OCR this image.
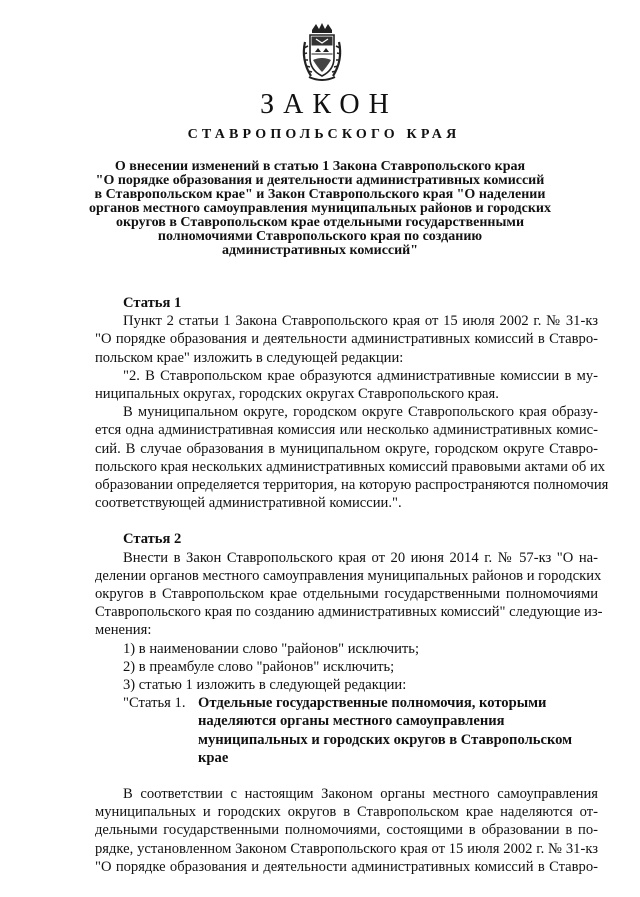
ЗАКОН
СТАВРОПОЛЬСКОГО КРАЯ
О внесении изменений в статью 1 Закона Ставропольского края
"О порядке образования и деятельности административных комиссий
в Ставропольском крае" и Закон Ставропольского края "О наделении
органов местного самоуправления муниципальных районов и городских
округов в Ставропольском крае отдельными государственными
полномочиями Ставропольского края по созданию
административных комиссий"
Статья 1
Пункт 2 статьи 1 Закона Ставропольского края от 15 июля 2002 г. № 31-кз
"О порядке образования и деятельности административных комиссий в Ставро-
польском крае" изложить в следующей редакции:
"2. В Ставропольском крае образуются административные комиссии в му-
ниципальных округах, городских округах Ставропольского края.
В муниципальном округе, городском округе Ставропольского края образу-
ется одна административная комиссия или несколько административных комис-
сий. В случае образования в муниципальном округе, городском округе Ставро-
польского края нескольких административных комиссий правовыми актами об их
образовании определяется территория, на которую распространяются полномочия
соответствующей административной комиссии.".
Статья 2
Внести в Закон Ставропольского края от 20 июня 2014 г. № 57-кз "О на-
делении органов местного самоуправления муниципальных районов и городских
округов в Ставропольском крае отдельными государственными полномочиями
Ставропольского края по созданию административных комиссий" следующие из-
менения:
1) в наименовании слово "районов" исключить;
2) в преамбуле слово "районов" исключить;
3) статью 1 изложить в следующей редакции:
"Статья 1. Отдельные государственные полномочия, которыми
наделяются органы местного самоуправления
муниципальных и городских округов в Ставропольском
крае
В соответствии с настоящим Законом органы местного самоуправления
муниципальных и городских округов в Ставропольском крае наделяются от-
дельными государственными полномочиями, состоящими в образовании в по-
рядке, установленном Законом Ставропольского края от 15 июля 2002 г. № 31-кз
"О порядке образования и деятельности административных комиссий в Ставро-
